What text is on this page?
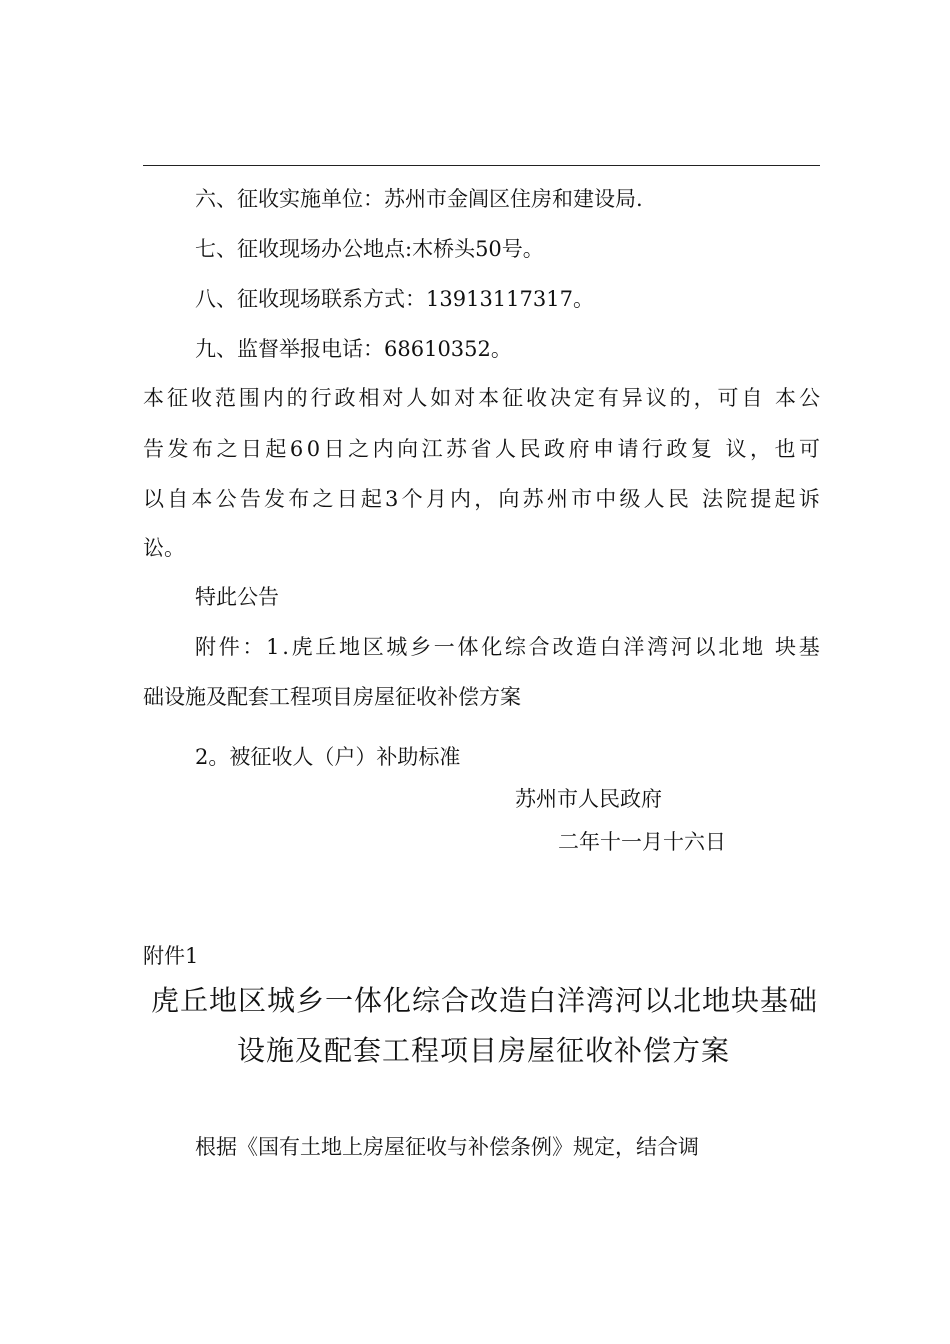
六、征收实施单位：苏州市金阊区住房和建设局.
七、征收现场办公地点:木桥头50号。
八、征收现场联系方式：13913117317。
九、监督举报电话：68610352。
本 征 收 范 围 内 的 行 政 相 对 人 如 对 本 征 收 决 定 有 异 议 的 ， 可 自
本 公
告 发 布 之 日 起 6 0 日 之 内 向 江 苏 省 人 民 政 府 申 请 行 政 复
议 ， 也 可
以 自 本 公 告 发 布 之 日 起 3 个 月 内 ， 向 苏 州 市 中 级 人 民
法 院 提 起 诉
讼。
特此公告
附 件 ： 1 . 虎 丘 地 区 城 乡 一 体 化 综 合 改 造 白 洋 湾 河 以 北 地
块 基
础设施及配套工程项目房屋征收补偿方案
2。被征收人（户）补助标准
苏州市人民政府
二年十一月十六日
附件1
虎丘地区城乡一体化综合改造白洋湾河以北地块基础
设施及配套工程项目房屋征收补偿方案
根据《国有土地上房屋征收与补偿条例》规定，结合调
